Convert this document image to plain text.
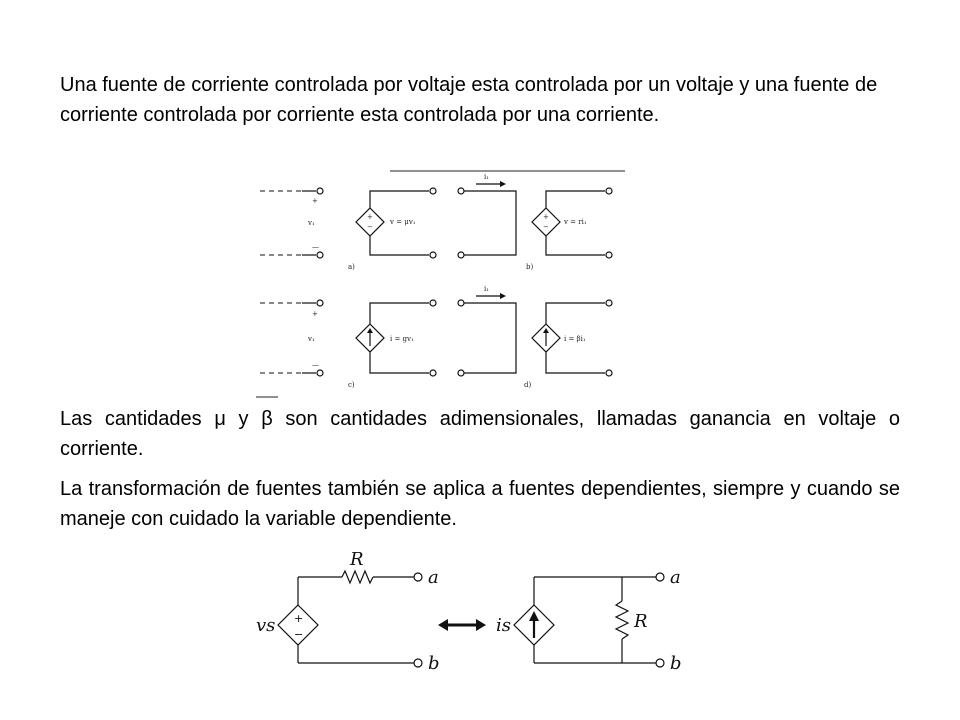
Una fuente de corriente controlada por voltaje esta controlada por un voltaje y una fuente de corriente controlada por corriente esta controlada por una corriente.

+
v₁
—
+
−
v = μv₁
a)
i₁
+
−
v = ri₁
b)
+
v₁
—
i = gv₁
c)
i₁
i = βi₁
d)

Las cantidades μ y β son cantidades adimensionales, llamadas ganancia en voltaje o corriente.

La transformación de fuentes también se aplica a fuentes dependientes, siempre y cuando se maneje con cuidado la variable dependiente.

+
−
R
a
b
vs	is	R
a
b
